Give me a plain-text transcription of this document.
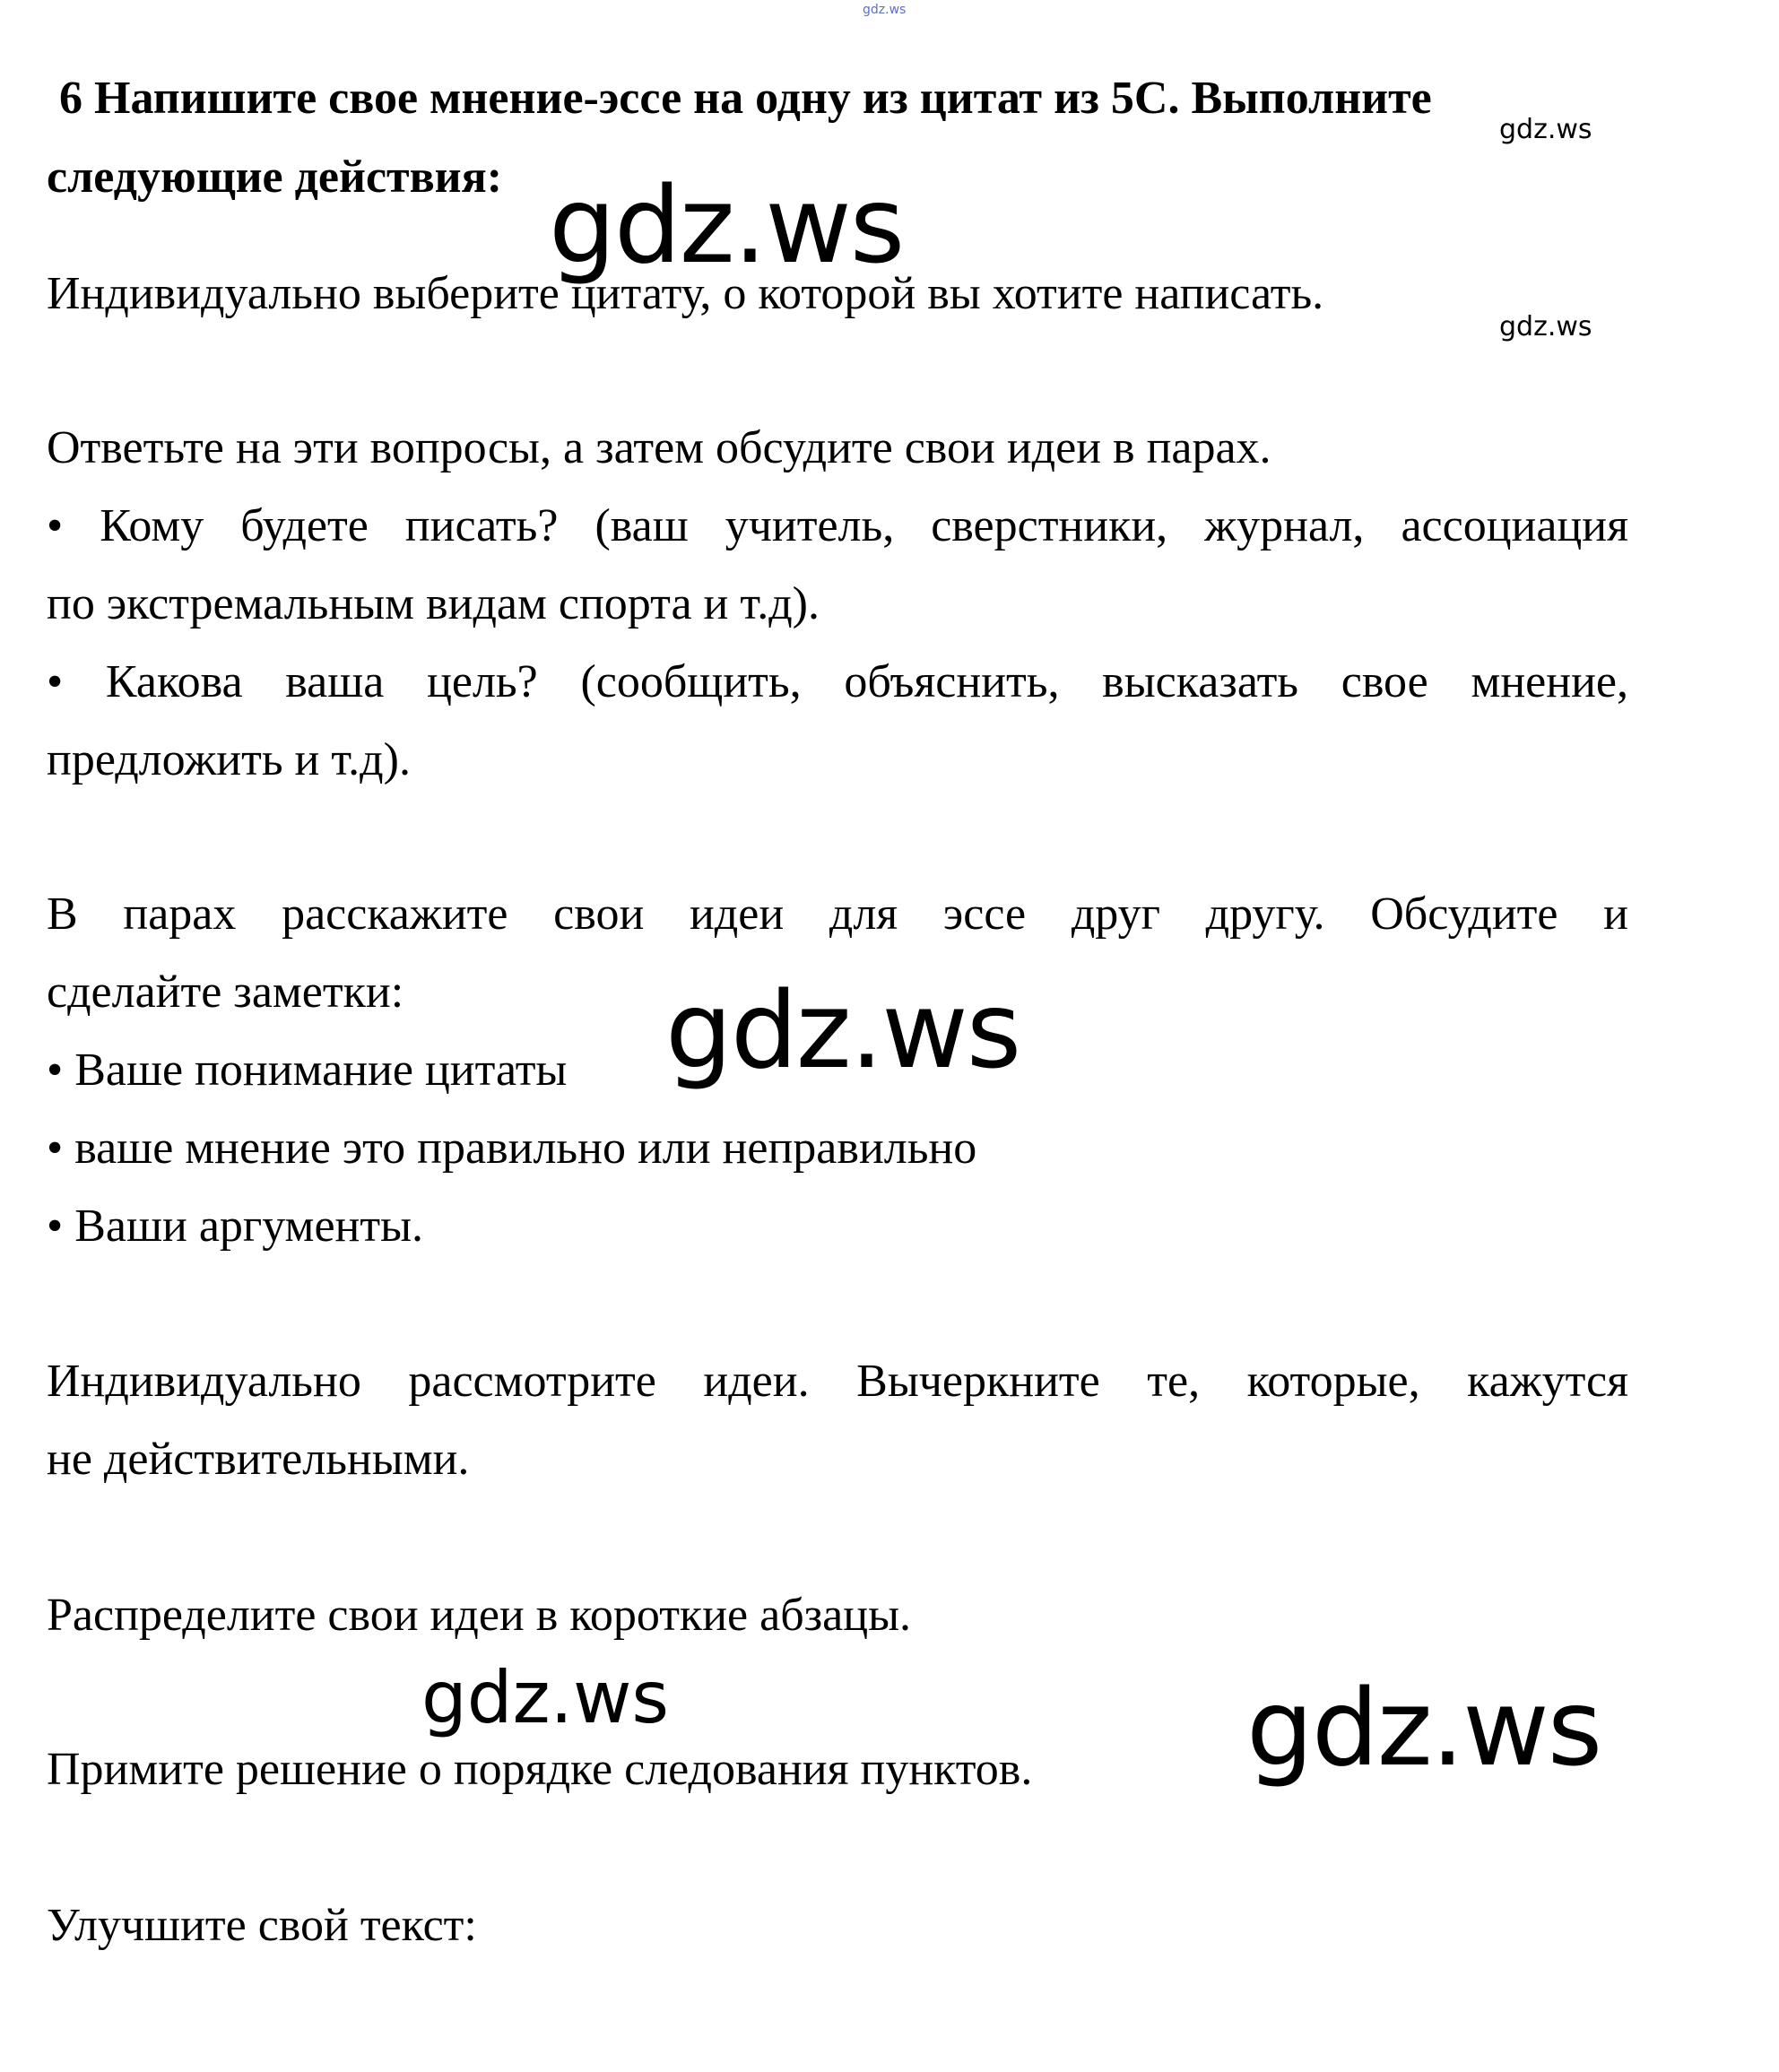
gdz.ws

6 Напишите свое мнение-эссе на одну из цитат из 5С. Выполните

следующие действия:

gdz.ws
gdz.ws

Индивидуально выберите цитату, о которой вы хотите написать.

gdz.ws

Ответьте на эти вопросы, а затем обсудите свои идеи в парах.

• Кому будете писать? (ваш учитель, сверстники, журнал, ассоциация

по экстремальным видам спорта и т.д).

• Какова ваша цель? (сообщить, объяснить, высказать свое мнение,

предложить и т.д).

В парах расскажите свои идеи для эссе друг другу. Обсудите и

сделайте заметки:

• Ваше понимание цитаты gdz.ws

• ваше мнение это правильно или неправильно

• Ваши аргументы.

Индивидуально рассмотрите идеи. Вычеркните те, которые, кажутся

не действительными.

Распределите свои идеи в короткие абзацы.

gdz.ws	gdz.ws

Примите решение о порядке следования пунктов.

Улучшите свой текст:
